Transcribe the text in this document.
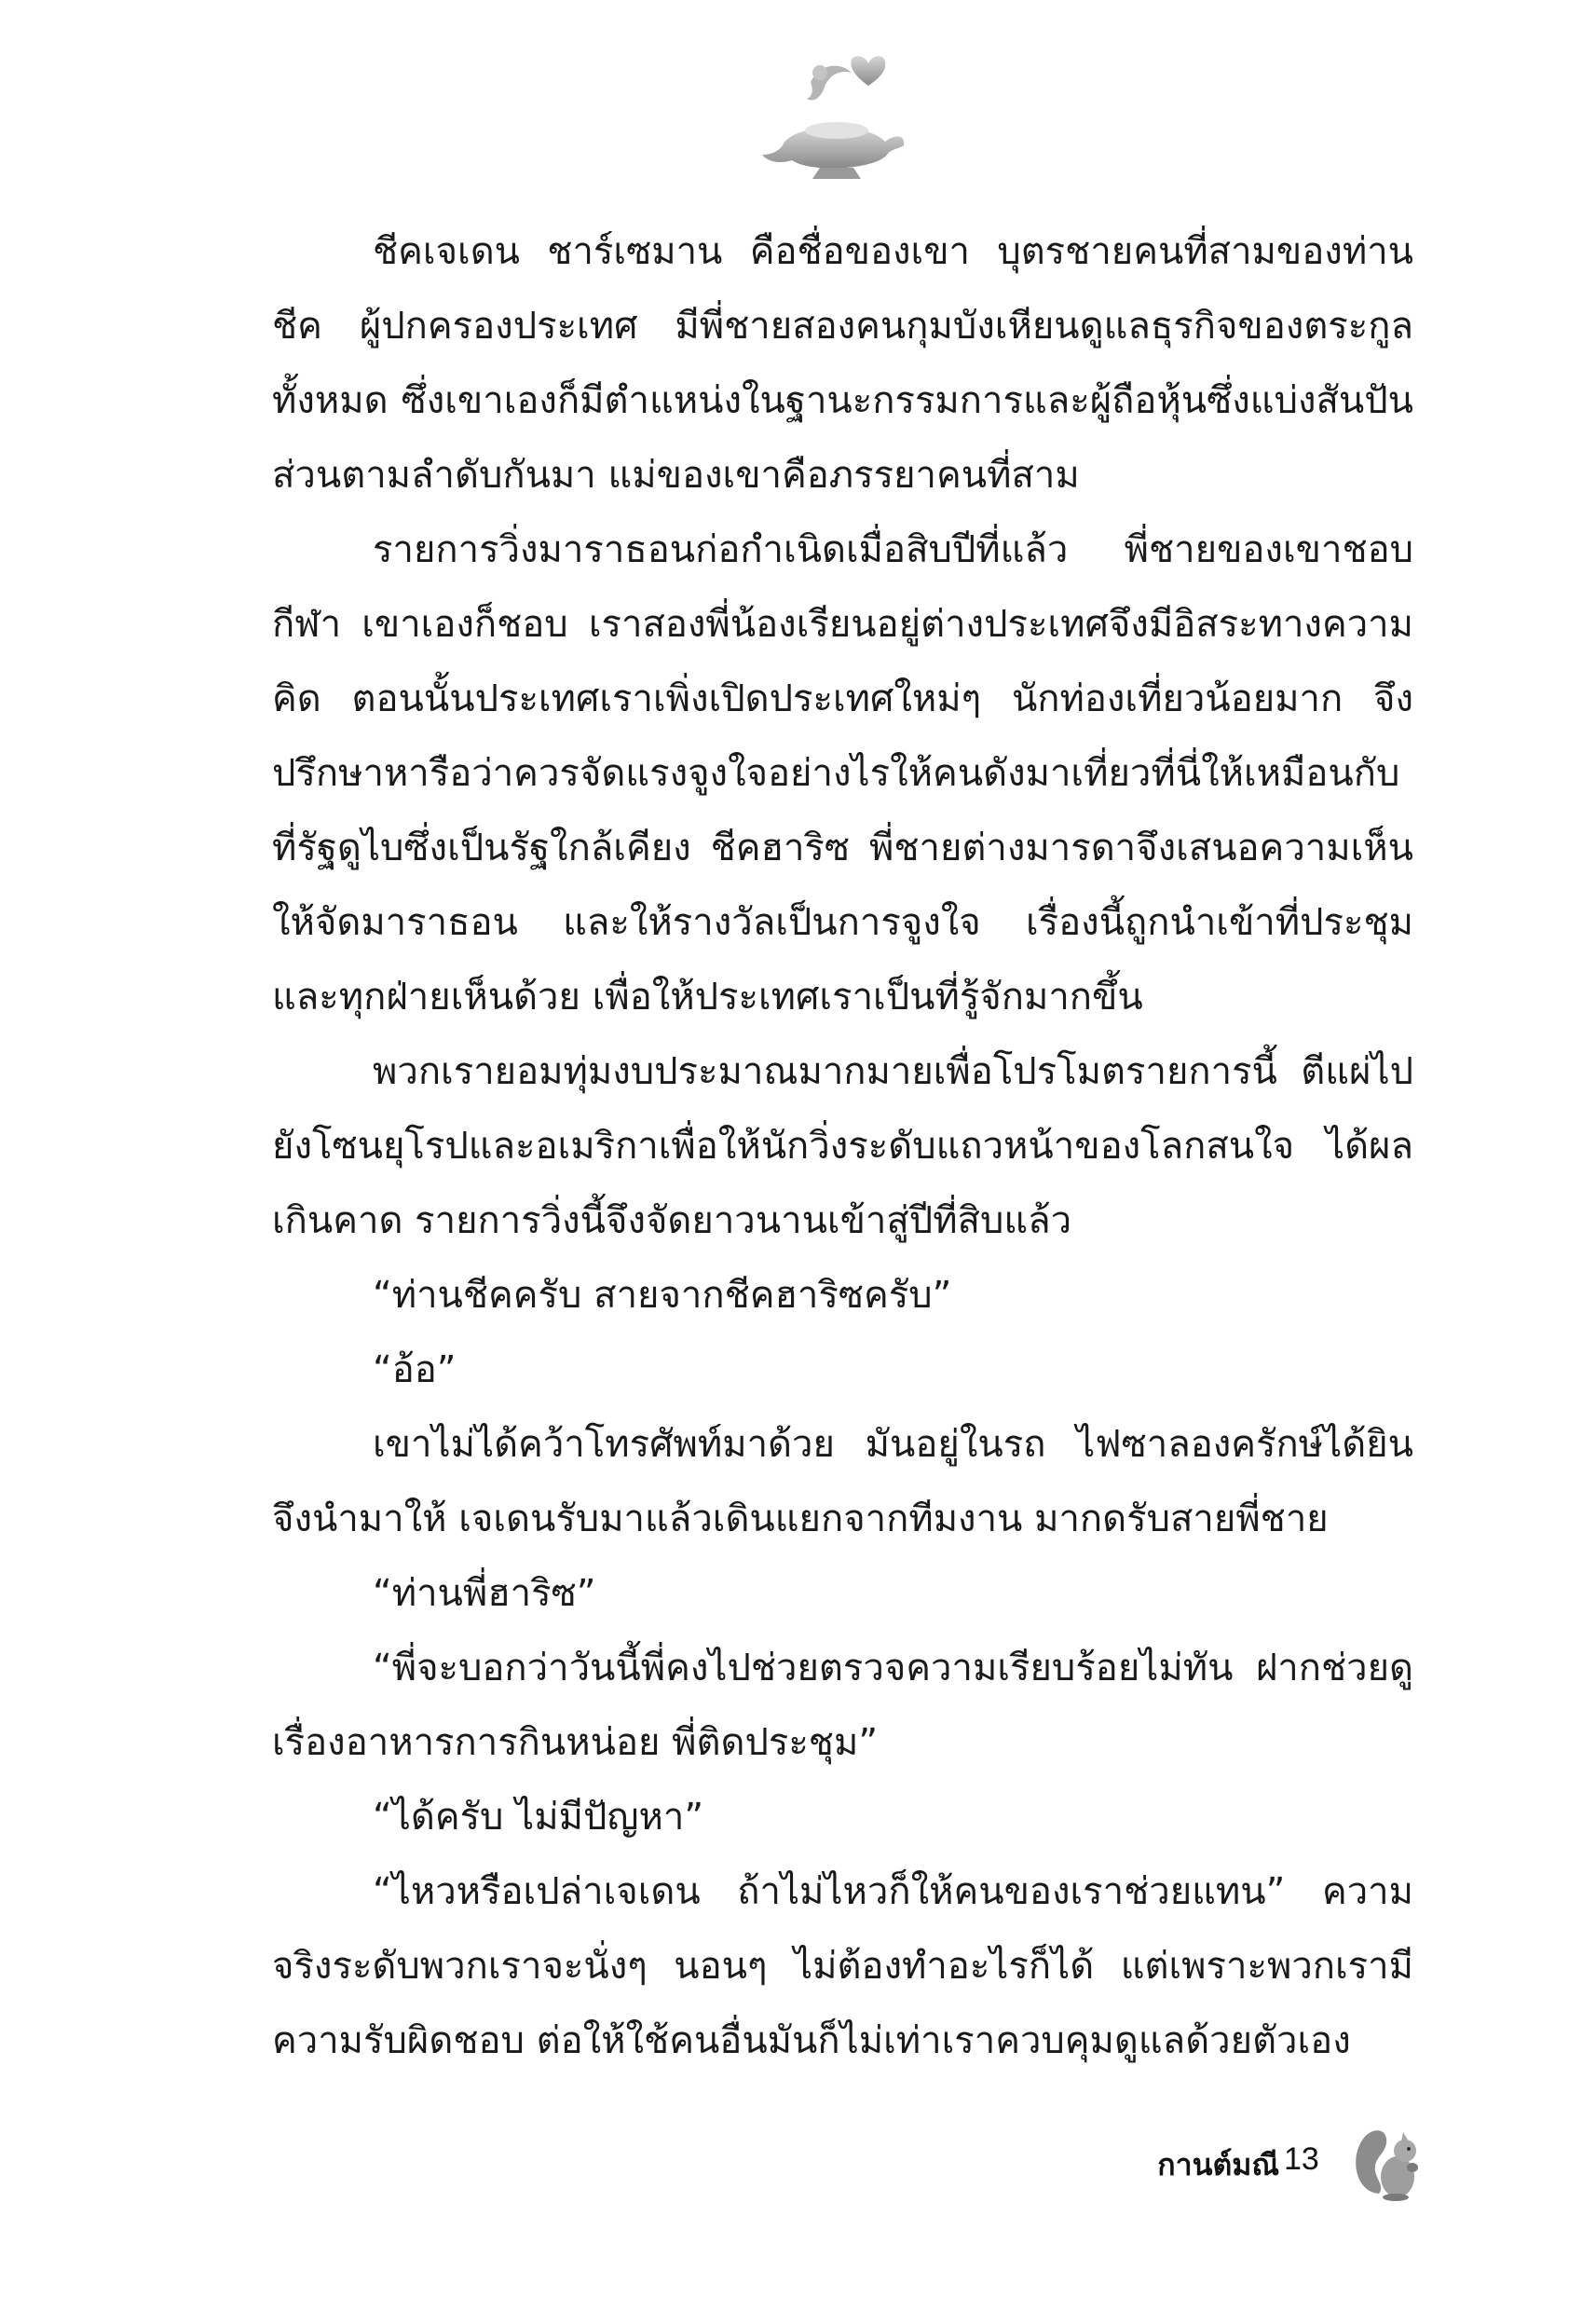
ชีคเจเดน ชาร์เซมาน คือชื่อของเขา บุตรชายคนที่สามของท่านชีค ผู้ปกครองประเทศ มีพี่ชายสองคนกุมบังเหียนดูแลธุรกิจของตระกูลทั้งหมด ซึ่งเขาเองก็มีตำแหน่งในฐานะกรรมการและผู้ถือหุ้นซึ่งแบ่งสันปันส่วนตามลำดับกันมา แม่ของเขาคือภรรยาคนที่สาม

รายการวิ่งมาราธอนก่อกำเนิดเมื่อสิบปีที่แล้ว พี่ชายของเขาชอบกีฬา เขาเองก็ชอบ เราสองพี่น้องเรียนอยู่ต่างประเทศจึงมีอิสระทางความคิด ตอนนั้นประเทศเราเพิ่งเปิดประเทศใหม่ๆ นักท่องเที่ยวน้อยมาก จึงปรึกษาหารือว่าควรจัดแรงจูงใจอย่างไรให้คนดังมาเที่ยวที่นี่ให้เหมือนกับที่รัฐดูไบซึ่งเป็นรัฐใกล้เคียง ชีคฮาริซ พี่ชายต่างมารดาจึงเสนอความเห็นให้จัดมาราธอน และให้รางวัลเป็นการจูงใจ เรื่องนี้ถูกนำเข้าที่ประชุมและทุกฝ่ายเห็นด้วย เพื่อให้ประเทศเราเป็นที่รู้จักมากขึ้น

พวกเรายอมทุ่มงบประมาณมากมายเพื่อโปรโมตรายการนี้ ตีแผ่ไปยังโซนยุโรปและอเมริกาเพื่อให้นักวิ่งระดับแถวหน้าของโลกสนใจ ได้ผลเกินคาด รายการวิ่งนี้จึงจัดยาวนานเข้าสู่ปีที่สิบแล้ว

“ท่านชีคครับ สายจากชีคฮาริซครับ”

“อ้อ”

เขาไม่ได้คว้าโทรศัพท์มาด้วย มันอยู่ในรถ ไฟซาลองครักษ์ได้ยินจึงนำมาให้ เจเดนรับมาแล้วเดินแยกจากทีมงาน มากดรับสายพี่ชาย

“ท่านพี่ฮาริซ”

“พี่จะบอกว่าวันนี้พี่คงไปช่วยตรวจความเรียบร้อยไม่ทัน ฝากช่วยดูเรื่องอาหารการกินหน่อย พี่ติดประชุม”

“ได้ครับ ไม่มีปัญหา”

“ไหวหรือเปล่าเจเดน ถ้าไม่ไหวก็ให้คนของเราช่วยแทน” ความจริงระดับพวกเราจะนั่งๆ นอนๆ ไม่ต้องทำอะไรก็ได้ แต่เพราะพวกเรามีความรับผิดชอบ ต่อให้ใช้คนอื่นมันก็ไม่เท่าเราควบคุมดูแลด้วยตัวเอง

กานต์มณี 13
